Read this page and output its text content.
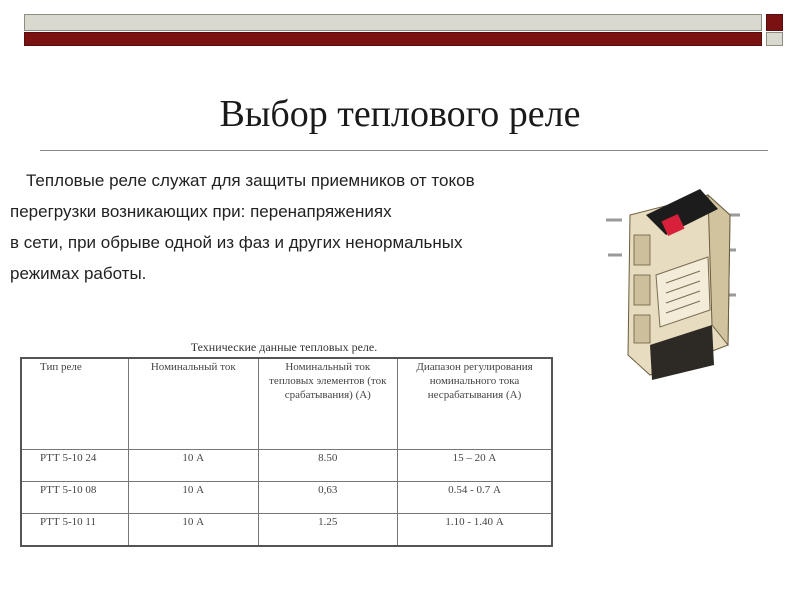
Выбор теплового реле
Тепловые реле служат для защиты приемников от токов
перегрузки возникающих при: перенапряжениях
в сети, при обрыве одной из фаз и других ненормальных
режимах работы.
Технические данные тепловых реле.
Тип реле	Номинальный ток	Номинальный ток тепловых элементов (ток срабатывания) (А)	Диапазон регулирования номинального тока несрабатывания (А)
РТТ 5-10 24	10 А	8.50	15 – 20 А
РТТ 5-10 08	10 А	0,63	0.54 - 0.7 А
РТТ 5-10 11	10 А	1.25	1.10 - 1.40 А
